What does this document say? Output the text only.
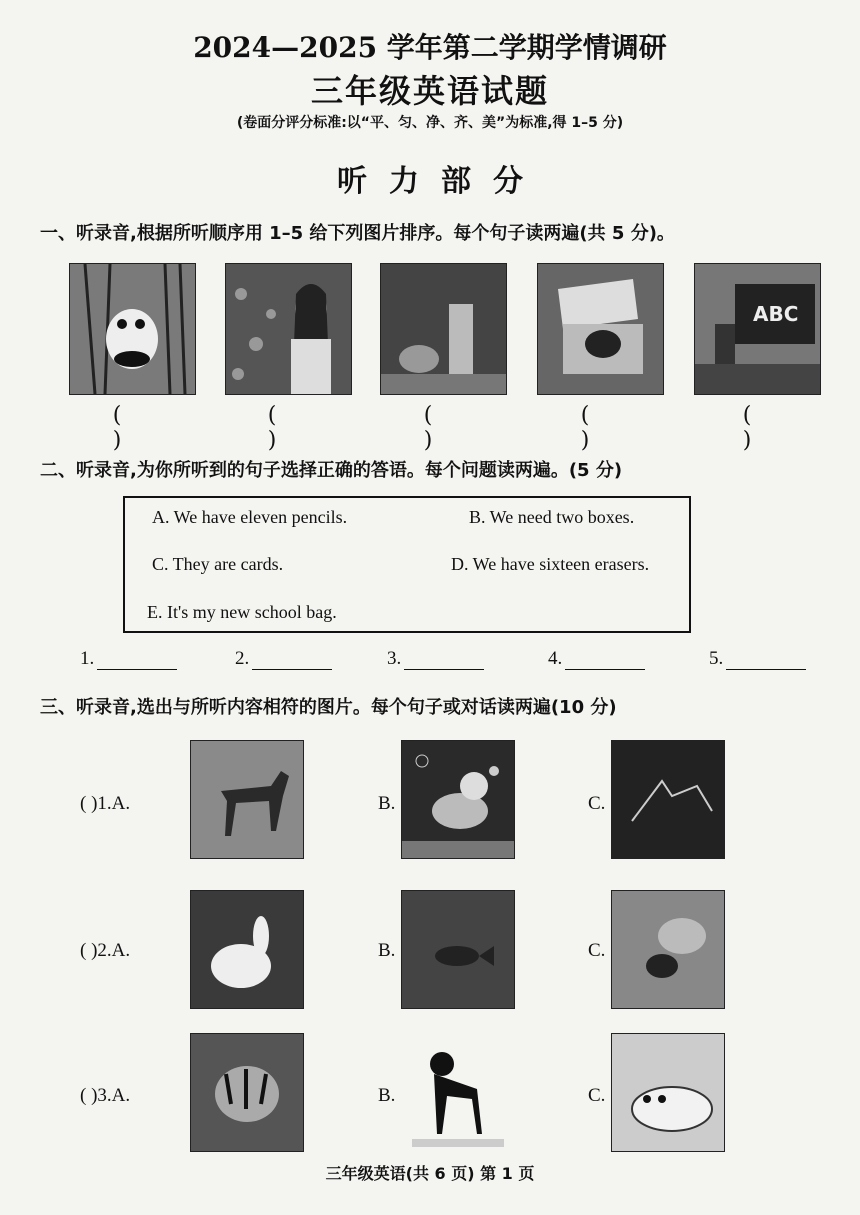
2024—2025 学年第二学期学情调研
三年级英语试题
(卷面分评分标准:以“平、匀、净、齐、美”为标准,得 1–5 分)
听力部分
一、听录音,根据所听顺序用 1–5 给下列图片排序。每个句子读两遍(共 5 分)。
ABC
( )
( )
( )
( )
( )
二、听录音,为你所听到的句子选择正确的答语。每个问题读两遍。(5 分)
A. We have eleven pencils.	B. We need two boxes.
C. They are cards.	D. We have sixteen erasers.
E. It's my new school bag.
1.	2.	3.	4.	5.
三、听录音,选出与所听内容相符的图片。每个句子或对话读两遍(10 分)
( )1.A.	B.	C.
( )2.A.	B.	C.
( )3.A.	B.	C.
三年级英语(共 6 页) 第 1 页
